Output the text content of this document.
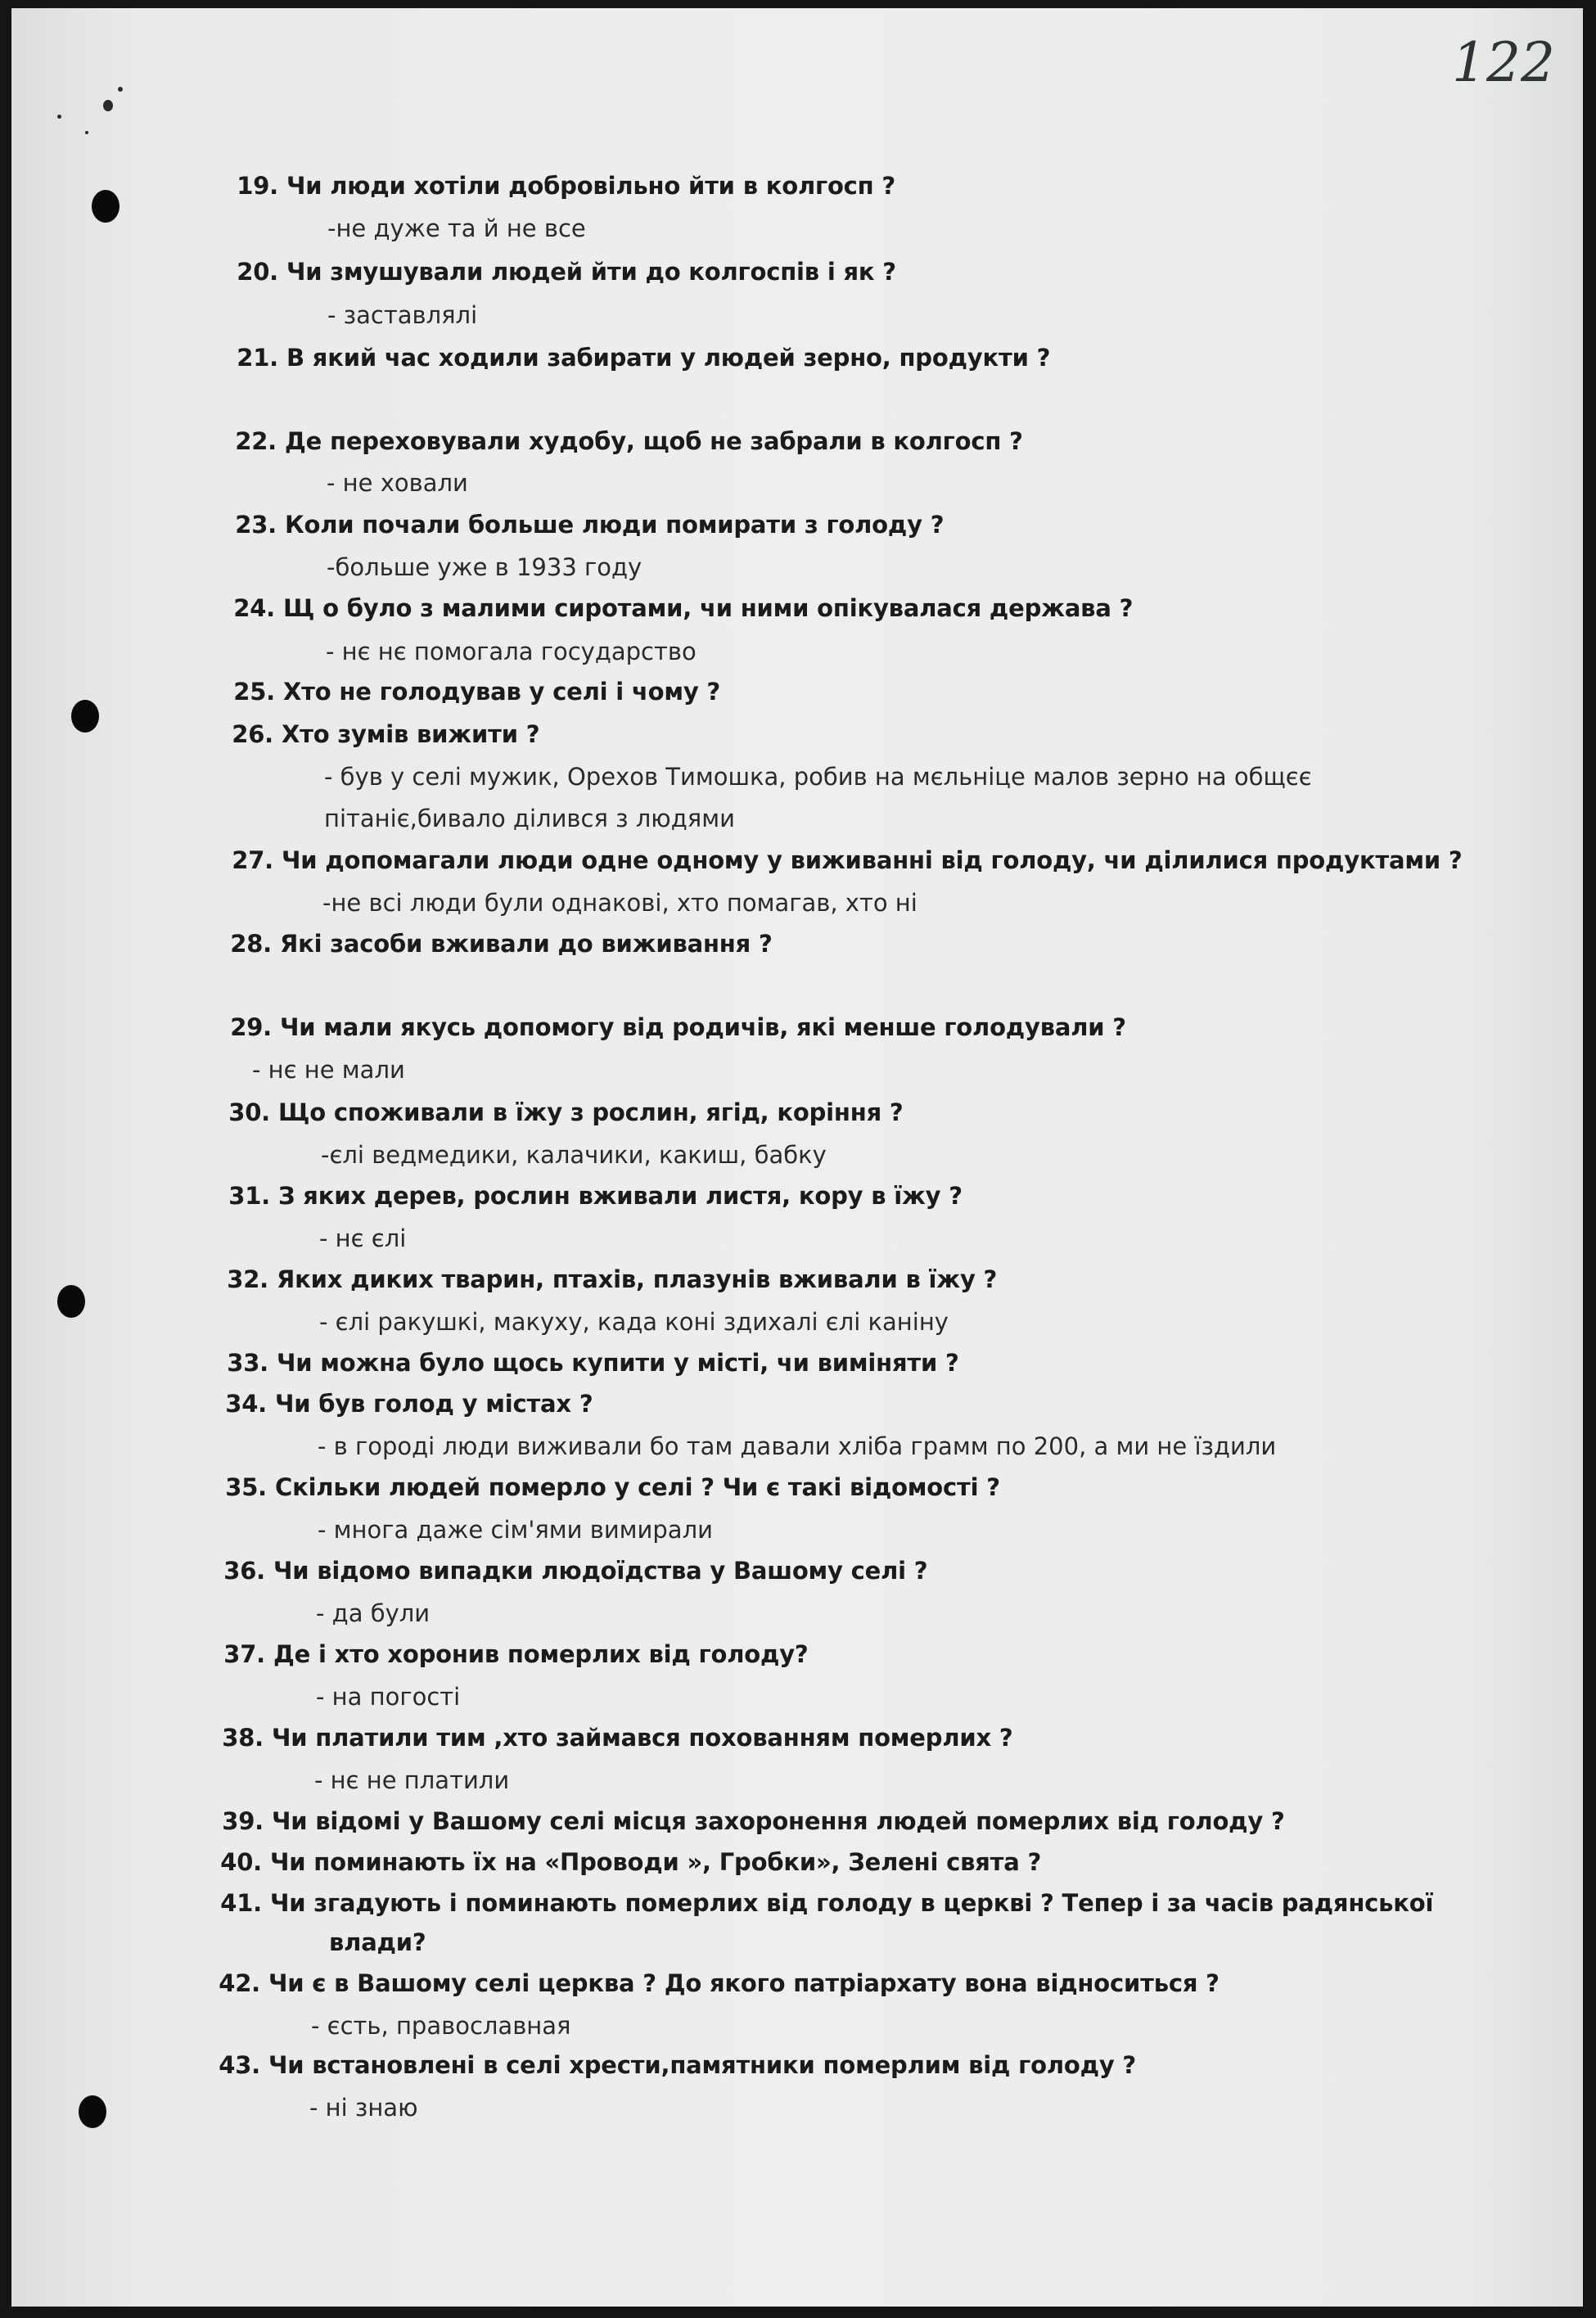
122
19. Чи люди хотіли добровільно йти в колгосп ?
-не дуже та й не все
20. Чи змушували людей йти до колгоспів і як ?
- заставлялі
21. В який час ходили забирати у людей зерно, продукти ?
22. Де переховували худобу, щоб не забрали в колгосп ?
- не ховали
23. Коли почали больше люди помирати з голоду ?
-больше уже в 1933 году
24. Щ о було з малими сиротами, чи ними опікувалася держава ?
- нє нє помогала государство
25. Хто не голодував у селі і чому ?
26. Хто зумів вижити ?
- був у селі мужик, Орехов Тимошка, робив на мєльніце малов зерно на общєє
пітаніє,бивало ділився з людями
27. Чи допомагали люди одне одному у виживанні від голоду, чи ділилися продуктами ?
-не всі люди були однакові, хто помагав, хто ні
28. Які засоби вживали до виживання ?
29. Чи мали якусь допомогу від родичів, які менше голодували ?
- нє не мали
30. Що споживали в їжу з рослин, ягід, коріння ?
-єлі ведмедики, калачики, какиш, бабку
31. З яких дерев, рослин вживали листя, кору в їжу ?
- нє єлі
32. Яких диких тварин, птахів, плазунів вживали в їжу ?
- єлі ракушкі, макуху, када коні здихалі єлі каніну
33. Чи можна було щось купити у місті, чи виміняти ?
34. Чи був голод у містах ?
- в городі люди виживали бо там давали хліба грамм по 200, а ми не їздили
35. Скільки людей померло у селі ? Чи є такі відомості ?
- многа даже сім'ями вимирали
36. Чи відомо випадки людоїдства у Вашому селі ?
- да були
37. Де і хто хоронив померлих від голоду?
- на погості
38. Чи платили тим ,хто займався похованням померлих ?
- нє не платили
39. Чи відомі у Вашому селі місця захоронення людей померлих від голоду ?
40. Чи поминають їх на «Проводи », Гробки», Зелені свята ?
41. Чи згадують і поминають померлих від голоду в церкві ? Тепер і за часів радянської
влади?
42. Чи є в Вашому селі церква ? До якого патріархату вона відноситься ?
- єсть, православная
43. Чи встановлені в селі хрести,памятники померлим від голоду ?
- ні знаю
